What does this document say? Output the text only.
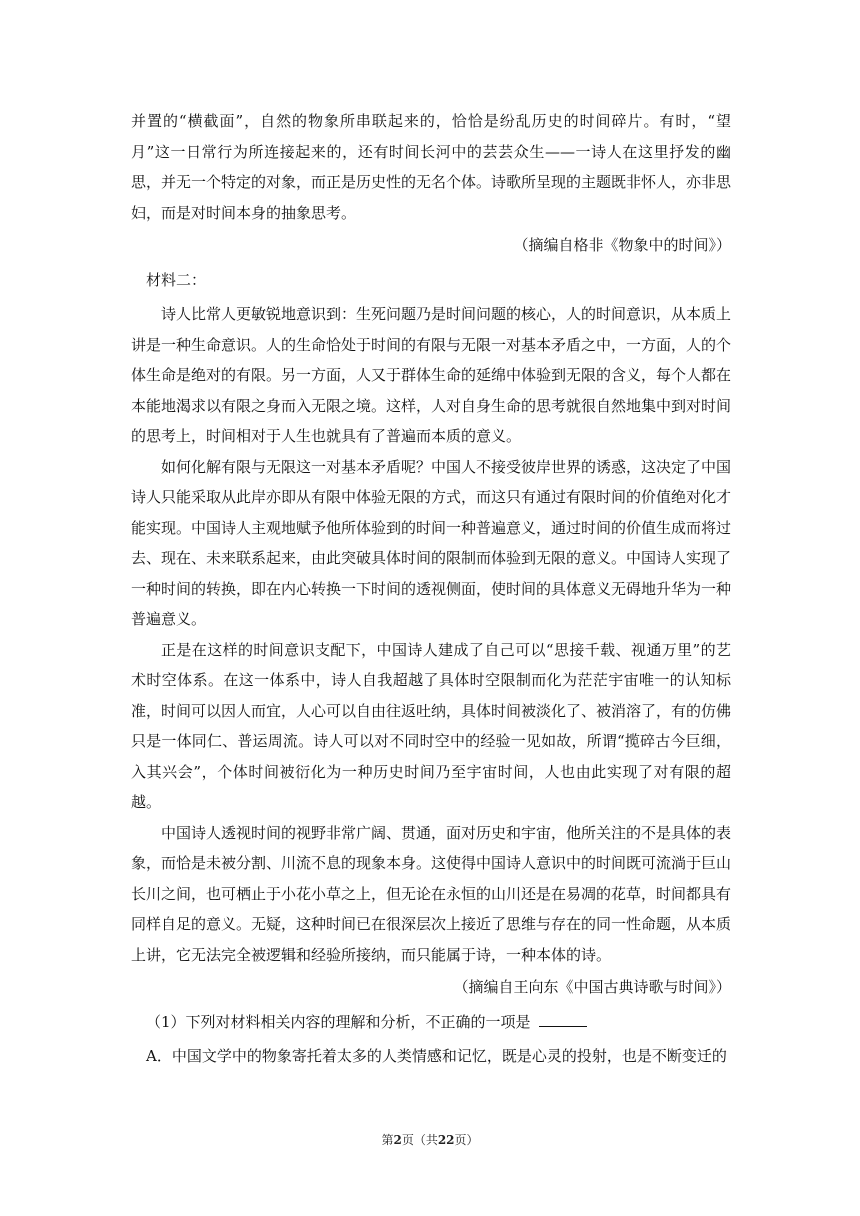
并置的“横截面”，自然的物象所串联起来的，恰恰是纷乱历史的时间碎片。有时，“望月”这一日常行为所连接起来的，还有时间长河中的芸芸众生——一诗人在这里抒发的幽思，并无一个特定的对象，而正是历史性的无名个体。诗歌所呈现的主题既非怀人，亦非思妇，而是对时间本身的抽象思考。

（摘编自格非《物象中的时间》）

材料二：

诗人比常人更敏锐地意识到：生死问题乃是时间问题的核心，人的时间意识，从本质上讲是一种生命意识。人的生命恰处于时间的有限与无限一对基本矛盾之中，一方面，人的个体生命是绝对的有限。另一方面，人又于群体生命的延绵中体验到无限的含义，每个人都在本能地渴求以有限之身而入无限之境。这样，人对自身生命的思考就很自然地集中到对时间的思考上，时间相对于人生也就具有了普遍而本质的意义。

如何化解有限与无限这一对基本矛盾呢？中国人不接受彼岸世界的诱惑，这决定了中国诗人只能采取从此岸亦即从有限中体验无限的方式，而这只有通过有限时间的价值绝对化才能实现。中国诗人主观地赋予他所体验到的时间一种普遍意义，通过时间的价值生成而将过去、现在、未来联系起来，由此突破具体时间的限制而体验到无限的意义。中国诗人实现了一种时间的转换，即在内心转换一下时间的透视侧面，使时间的具体意义无碍地升华为一种普遍意义。

正是在这样的时间意识支配下，中国诗人建成了自己可以“思接千载、视通万里”的艺术时空体系。在这一体系中，诗人自我超越了具体时空限制而化为茫茫宇宙唯一的认知标准，时间可以因人而宜，人心可以自由往返吐纳，具体时间被淡化了、被消溶了，有的仿佛只是一体同仁、普运周流。诗人可以对不同时空中的经验一见如故，所谓“揽碎古今巨细，入其兴会”，个体时间被衍化为一种历史时间乃至宇宙时间，人也由此实现了对有限的超越。

中国诗人透视时间的视野非常广阔、贯通，面对历史和宇宙，他所关注的不是具体的表象，而恰是未被分割、川流不息的现象本身。这使得中国诗人意识中的时间既可流淌于巨山长川之间，也可栖止于小花小草之上，但无论在永恒的山川还是在易凋的花草，时间都具有同样自足的意义。无疑，这种时间已在很深层次上接近了思维与存在的同一性命题，从本质上讲，它无法完全被逻辑和经验所接纳，而只能属于诗，一种本体的诗。

（摘编自王向东《中国古典诗歌与时间》）

（1）下列对材料相关内容的理解和分析，不正确的一项是

A．中国文学中的物象寄托着太多的人类情感和记忆，既是心灵的投射，也是不断变迁的

第2页（共22页）
